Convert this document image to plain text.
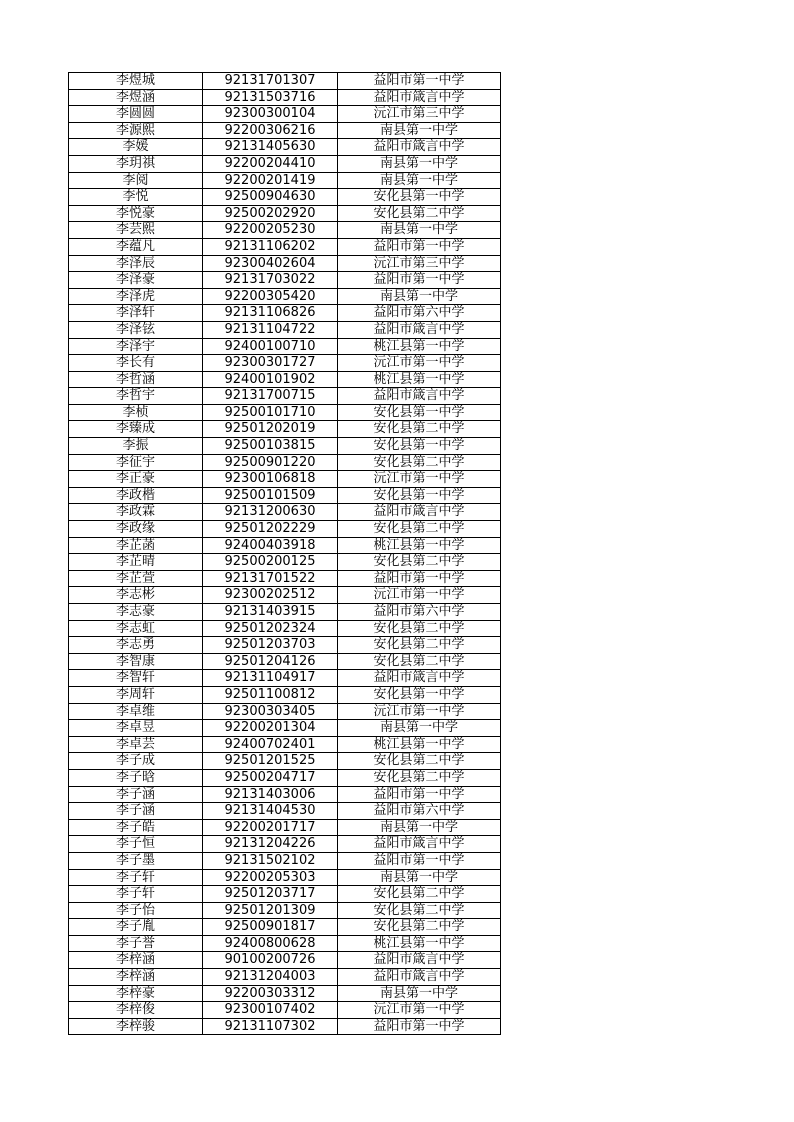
李煜城	92131701307	益阳市第一中学
李煜涵	92131503716	益阳市箴言中学
李圆圆	92300300104	沅江市第三中学
李源熙	92200306216	南县第一中学
李媛	92131405630	益阳市箴言中学
李玥祺	92200204410	南县第一中学
李阅	92200201419	南县第一中学
李悦	92500904630	安化县第一中学
李悦豪	92500202920	安化县第二中学
李芸熙	92200205230	南县第一中学
李蕴凡	92131106202	益阳市第一中学
李泽辰	92300402604	沅江市第三中学
李泽豪	92131703022	益阳市第一中学
李泽虎	92200305420	南县第一中学
李泽轩	92131106826	益阳市第六中学
李泽铉	92131104722	益阳市箴言中学
李泽宇	92400100710	桃江县第一中学
李长有	92300301727	沅江市第一中学
李哲涵	92400101902	桃江县第一中学
李哲宇	92131700715	益阳市箴言中学
李桢	92500101710	安化县第一中学
李臻成	92501202019	安化县第二中学
李振	92500103815	安化县第一中学
李征宇	92500901220	安化县第二中学
李正豪	92300106818	沅江市第一中学
李政楷	92500101509	安化县第一中学
李政霖	92131200630	益阳市箴言中学
李政缘	92501202229	安化县第二中学
李芷菡	92400403918	桃江县第一中学
李芷晴	92500200125	安化县第二中学
李芷萱	92131701522	益阳市第一中学
李志彬	92300202512	沅江市第一中学
李志豪	92131403915	益阳市第六中学
李志虹	92501202324	安化县第二中学
李志勇	92501203703	安化县第二中学
李智康	92501204126	安化县第二中学
李智轩	92131104917	益阳市箴言中学
李周轩	92501100812	安化县第一中学
李卓维	92300303405	沅江市第一中学
李卓昱	92200201304	南县第一中学
李卓芸	92400702401	桃江县第一中学
李子成	92501201525	安化县第二中学
李子晗	92500204717	安化县第二中学
李子涵	92131403006	益阳市第一中学
李子涵	92131404530	益阳市第六中学
李子皓	92200201717	南县第一中学
李子恒	92131204226	益阳市箴言中学
李子墨	92131502102	益阳市第一中学
李子轩	92200205303	南县第一中学
李子轩	92501203717	安化县第二中学
李子怡	92501201309	安化县第二中学
李子胤	92500901817	安化县第二中学
李子誉	92400800628	桃江县第一中学
李梓涵	90100200726	益阳市箴言中学
李梓涵	92131204003	益阳市箴言中学
李梓豪	92200303312	南县第一中学
李梓俊	92300107402	沅江市第一中学
李梓骏	92131107302	益阳市第一中学
